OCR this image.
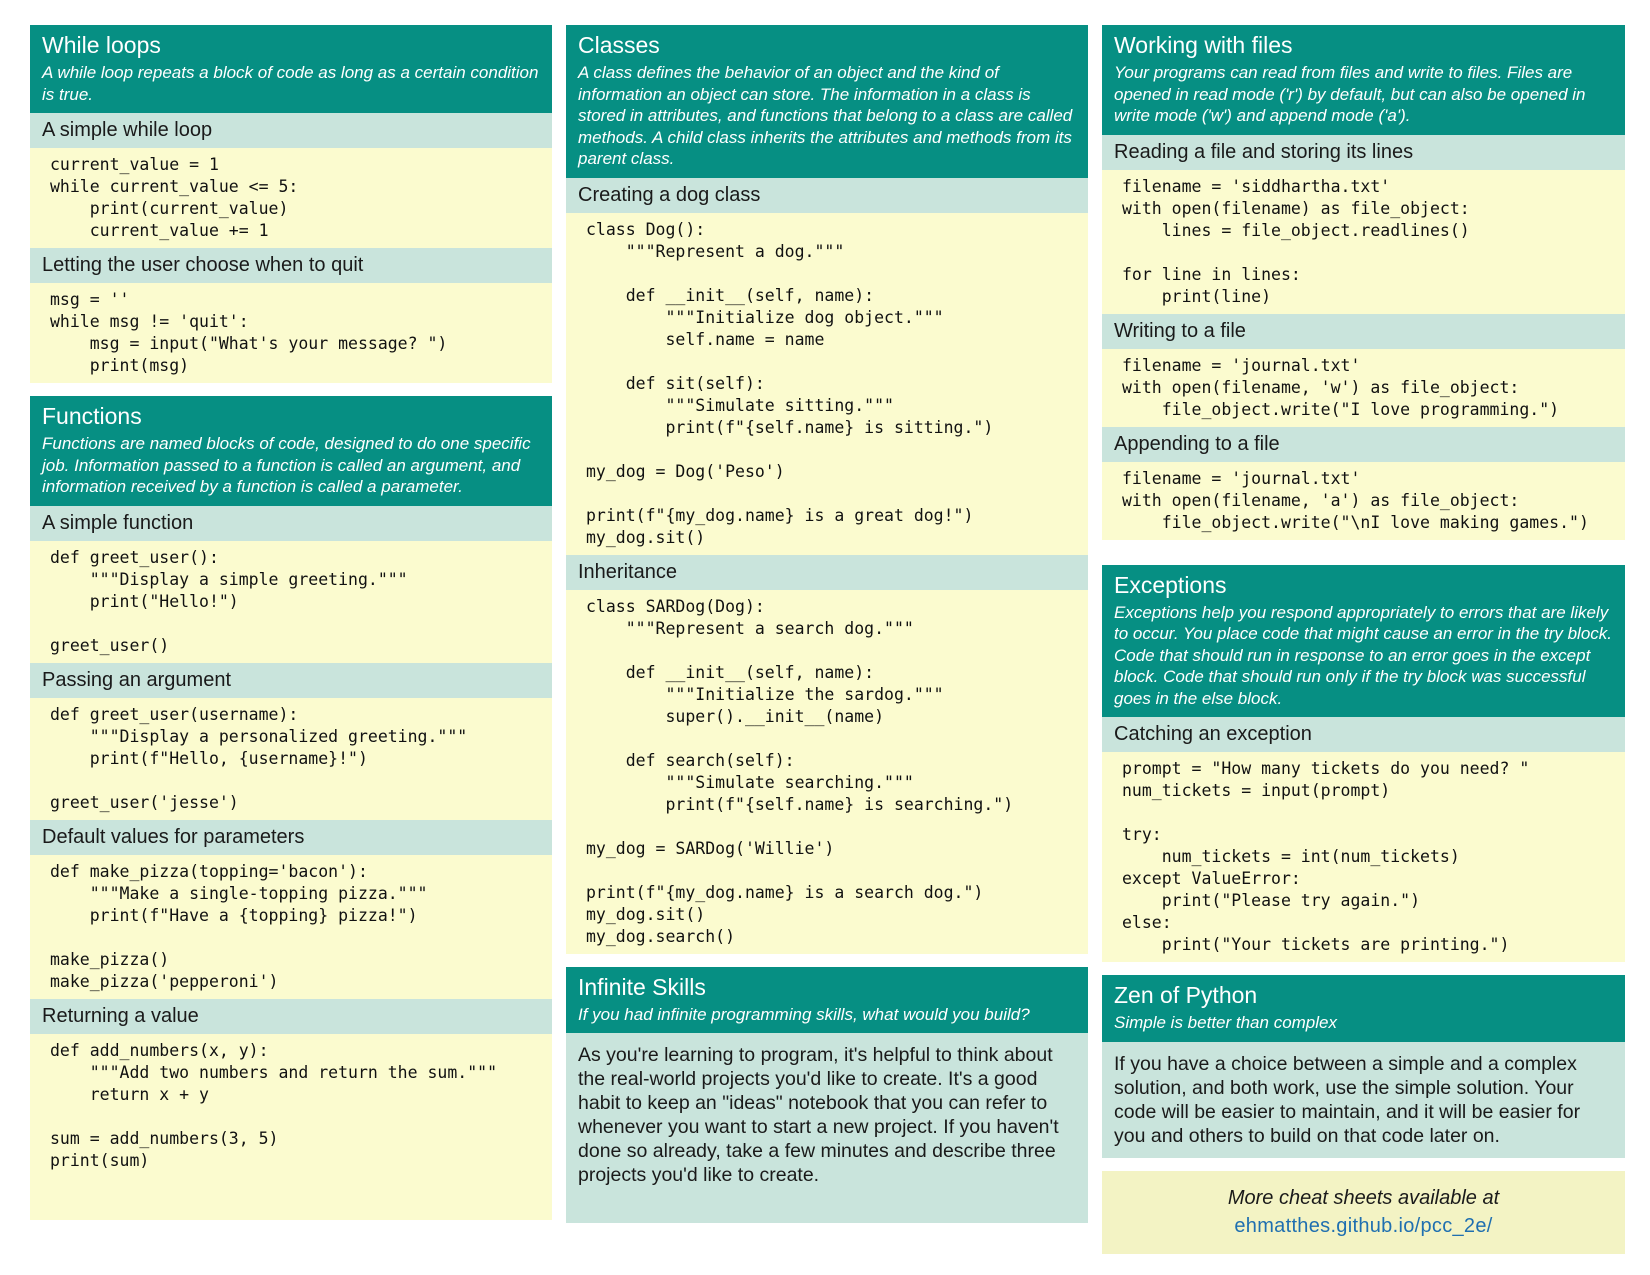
While loops
A while loop repeats a block of code as long as a certain condition is true.
A simple while loop
current_value = 1
while current_value <= 5:
print(current_value)
current_value += 1
Letting the user choose when to quit
msg = ''
while msg != 'quit':
msg = input("What's your message? ")
print(msg)
Functions
Functions are named blocks of code, designed to do one specific job. Information passed to a function is called an argument, and information received by a function is called a parameter.
A simple function
def greet_user():
"""Display a simple greeting."""
print("Hello!")

greet_user()
Passing an argument
def greet_user(username):
"""Display a personalized greeting."""
print(f"Hello, {username}!")

greet_user('jesse')
Default values for parameters
def make_pizza(topping='bacon'):
"""Make a single-topping pizza."""
print(f"Have a {topping} pizza!")

make_pizza()
make_pizza('pepperoni')
Returning a value
def add_numbers(x, y):
"""Add two numbers and return the sum."""
return x + y

sum = add_numbers(3, 5)
print(sum)
Classes
A class defines the behavior of an object and the kind of information an object can store. The information in a class is stored in attributes, and functions that belong to a class are called methods. A child class inherits the attributes and methods from its parent class.
Creating a dog class
class Dog():
"""Represent a dog."""

def __init__(self, name):
"""Initialize dog object."""
self.name = name

def sit(self):
"""Simulate sitting."""
print(f"{self.name} is sitting.")

my_dog = Dog('Peso')

print(f"{my_dog.name} is a great dog!")
my_dog.sit()
Inheritance
class SARDog(Dog):
"""Represent a search dog."""

def __init__(self, name):
"""Initialize the sardog."""
super().__init__(name)

def search(self):
"""Simulate searching."""
print(f"{self.name} is searching.")

my_dog = SARDog('Willie')

print(f"{my_dog.name} is a search dog.")
my_dog.sit()
my_dog.search()
Infinite Skills
If you had infinite programming skills, what would you build?
As you're learning to program, it's helpful to think about the real-world projects you'd like to create. It's a good habit to keep an "ideas" notebook that you can refer to whenever you want to start a new project. If you haven't done so already, take a few minutes and describe three projects you'd like to create.
Working with files
Your programs can read from files and write to files. Files are opened in read mode ('r') by default, but can also be opened in write mode ('w') and append mode ('a').
Reading a file and storing its lines
filename = 'siddhartha.txt'
with open(filename) as file_object:
lines = file_object.readlines()

for line in lines:
print(line)
Writing to a file
filename = 'journal.txt'
with open(filename, 'w') as file_object:
file_object.write("I love programming.")
Appending to a file
filename = 'journal.txt'
with open(filename, 'a') as file_object:
file_object.write("\nI love making games.")
Exceptions
Exceptions help you respond appropriately to errors that are likely to occur. You place code that might cause an error in the try block. Code that should run in response to an error goes in the except block. Code that should run only if the try block was successful goes in the else block.
Catching an exception
prompt = "How many tickets do you need? "
num_tickets = input(prompt)

try:
num_tickets = int(num_tickets)
except ValueError:
print("Please try again.")
else:
print("Your tickets are printing.")
Zen of Python
Simple is better than complex
If you have a choice between a simple and a complex solution, and both work, use the simple solution. Your code will be easier to maintain, and it will be easier for you and others to build on that code later on.
More cheat sheets available at
ehmatthes.github.io/pcc_2e/
